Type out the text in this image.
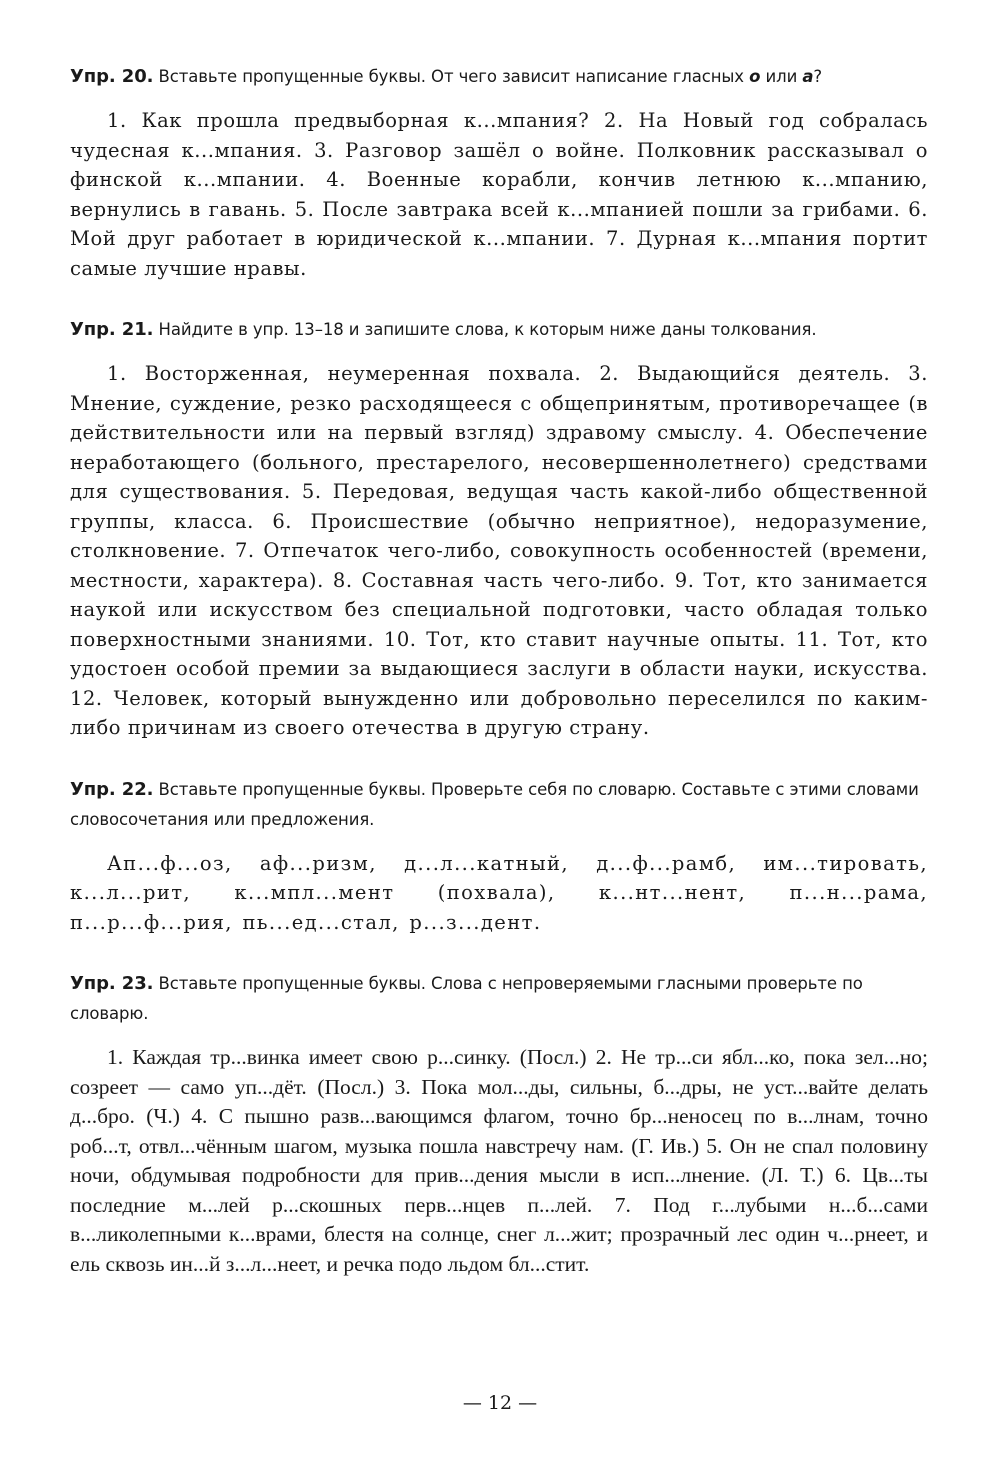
Упр. 20. Вставьте пропущенные буквы. От чего зависит написание гласных о или а?

1. Как прошла предвыборная к...мпания? 2. На Новый год собралась чудесная к...мпания. 3. Разговор зашёл о войне. Полковник рассказывал о финской к...мпании. 4. Военные корабли, кончив летнюю к...мпанию, вернулись в гавань. 5. После завтрака всей к...мпанией пошли за грибами. 6. Мой друг работает в юридической к...мпании. 7. Дурная к...мпания портит самые лучшие нравы.

Упр. 21. Найдите в упр. 13–18 и запишите слова, к которым ниже даны толкования.

1. Восторженная, неумеренная похвала. 2. Выдающийся деятель. 3. Мнение, суждение, резко расходящееся с общепринятым, противоречащее (в действительности или на первый взгляд) здравому смыслу. 4. Обеспечение неработающего (больного, престарелого, несовершеннолетнего) средствами для существования. 5. Передовая, ведущая часть какой-либо общественной группы, класса. 6. Происшествие (обычно неприятное), недоразумение, столкновение. 7. Отпечаток чего-либо, совокупность особенностей (времени, местности, характера). 8. Составная часть чего-либо. 9. Тот, кто занимается наукой или искусством без специальной подготовки, часто обладая только поверхностными знаниями. 10. Тот, кто ставит научные опыты. 11. Тот, кто удостоен особой премии за выдающиеся заслуги в области науки, искусства. 12. Человек, который вынужденно или добровольно переселился по каким-либо причинам из своего отечества в другую страну.

Упр. 22. Вставьте пропущенные буквы. Проверьте себя по словарю. Составьте с этими словами словосочетания или предложения.

Ап...ф...оз, аф...ризм, д...л...катный, д...ф...рамб, им...тировать, к...л...рит, к...мпл...мент (похвала), к...нт...нент, п...н...рама, п...р...ф...рия, пь...ед...стал, р...з...дент.

Упр. 23. Вставьте пропущенные буквы. Слова с непроверяемыми гласными проверьте по словарю.

1. Каждая тр...винка имеет свою р...синку. (Посл.) 2. Не тр...си ябл...ко, пока зел...но; созреет — само уп...дёт. (Посл.) 3. Пока мол...ды, сильны, б...дры, не уст...вайте делать д...бро. (Ч.) 4. С пышно разв...вающимся флагом, точно бр...неносец по в...лнам, точно роб...т, отвл...чённым шагом, музыка пошла навстречу нам. (Г. Ив.) 5. Он не спал половину ночи, обдумывая подробности для прив...дения мысли в исп...лнение. (Л. Т.) 6. Цв...ты последние м...лей р...скошных перв...нцев п...лей. 7. Под г...лубыми н...б...сами в...ликолепными к...врами, блестя на солнце, снег л...жит; прозрачный лес один ч...рнеет, и ель сквозь ин...й з...л...неет, и речка подо льдом бл...стит.

— 12 —
